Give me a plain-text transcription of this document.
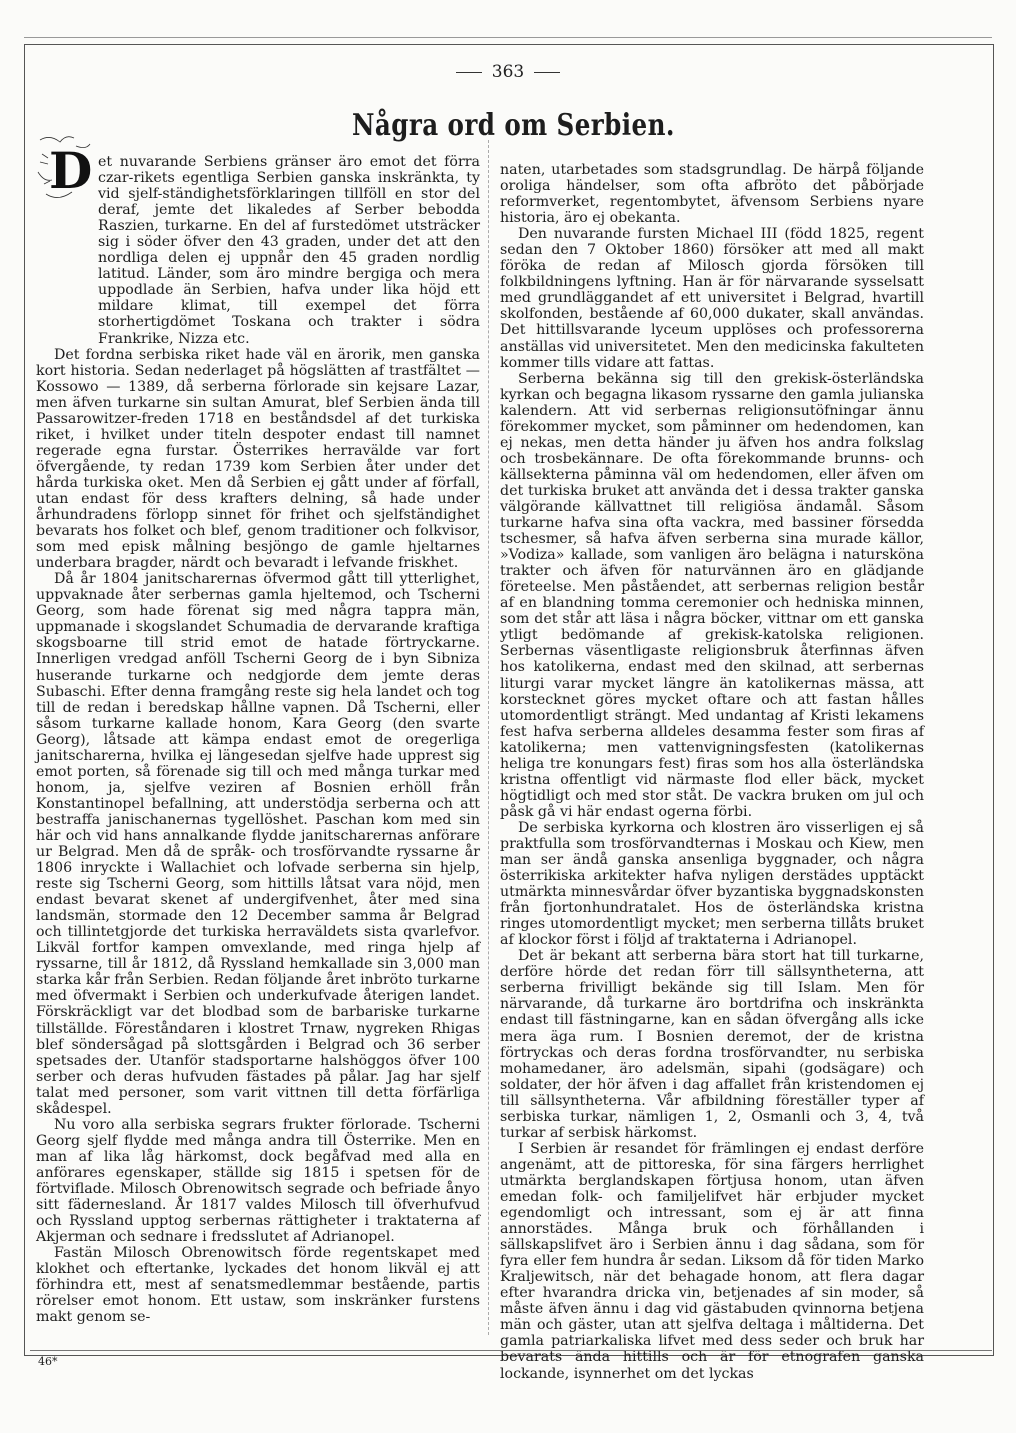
363
Några ord om Serbien.
D et nuvarande Serbiens gränser äro emot det förra czar-rikets egentliga Serbien ganska inskränkta, ty vid sjelf-ständighetsförklaringen tillföll en stor del deraf, jemte det likaledes af Serber bebodda Raszien, turkarne. En del af furstedömet utsträcker sig i söder öfver den 43 graden, under det att den nordliga delen ej uppnår den 45 graden nordlig latitud. Länder, som äro mindre bergiga och mera uppodlade än Serbien, hafva under lika höjd ett mildare klimat, till exempel det förra storhertigdömet Toskana och trakter i södra Frankrike, Nizza etc.

Det fordna serbiska riket hade väl en ärorik, men ganska kort historia. Sedan nederlaget på högslätten af trastfältet — Kossowo — 1389, då serberna förlorade sin kejsare Lazar, men äfven turkarne sin sultan Amurat, blef Serbien ända till Passarowitzer-freden 1718 en beståndsdel af det turkiska riket, i hvilket under titeln despoter endast till namnet regerade egna furstar. Österrikes herravälde var fort öfvergående, ty redan 1739 kom Serbien åter under det hårda turkiska oket. Men då Serbien ej gått under af förfall, utan endast för dess krafters delning, så hade under århundradens förlopp sinnet för frihet och sjelfständighet bevarats hos folket och blef, genom traditioner och folkvisor, som med episk målning besjöngo de gamle hjeltarnes underbara bragder, närdt och bevaradt i lefvande friskhet.

Då år 1804 janitscharernas öfvermod gått till ytterlighet, uppvaknade åter serbernas gamla hjeltemod, och Tscherni Georg, som hade förenat sig med några tappra män, uppmanade i skogslandet Schumadia de dervarande kraftiga skogsboarne till strid emot de hatade förtryckarne. Innerligen vredgad anföll Tscherni Georg de i byn Sibniza huserande turkarne och nedgjorde dem jemte deras Subaschi. Efter denna framgång reste sig hela landet och tog till de redan i beredskap hållne vapnen. Då Tscherni, eller såsom turkarne kallade honom, Kara Georg (den svarte Georg), låtsade att kämpa endast emot de oregerliga janitscharerna, hvilka ej längesedan sjelfve hade upprest sig emot porten, så förenade sig till och med många turkar med honom, ja, sjelfve veziren af Bosnien erhöll från Konstantinopel befallning, att understödja serberna och att bestraffa janischanernas tygellöshet. Paschan kom med sin här och vid hans annalkande flydde janitscharernas anförare ur Belgrad. Men då de språk- och trosförvandte ryssarne år 1806 inryckte i Wallachiet och lofvade serberna sin hjelp, reste sig Tscherni Georg, som hittills låtsat vara nöjd, men endast bevarat skenet af undergifvenhet, åter med sina landsmän, stormade den 12 December samma år Belgrad och tillintetgjorde det turkiska herraväldets sista qvarlefvor. Likväl fortfor kampen omvexlande, med ringa hjelp af ryssarne, till år 1812, då Ryssland hemkallade sin 3,000 man starka kår från Serbien. Redan följande året inbröto turkarne med öfvermakt i Serbien och underkufvade återigen landet. Förskräckligt var det blodbad som de barbariske turkarne tillställde. Föreståndaren i klostret Trnaw, nygreken Rhigas blef söndersågad på slottsgården i Belgrad och 36 serber spetsades der. Utanför stadsportarne halshöggos öfver 100 serber och deras hufvuden fästades på pålar. Jag har sjelf talat med personer, som varit vittnen till detta förfärliga skådespel.

Nu voro alla serbiska segrars frukter förlorade. Tscherni Georg sjelf flydde med många andra till Österrike. Men en man af lika låg härkomst, dock begåfvad med alla en anförares egenskaper, ställde sig 1815 i spetsen för de förtviflade. Milosch Obrenowitsch segrade och befriade ånyo sitt fädernesland. År 1817 valdes Milosch till öfverhufvud och Ryssland upptog serbernas rättigheter i traktaterna af Akjerman och sednare i fredsslutet af Adrianopel.

Fastän Milosch Obrenowitsch förde regentskapet med klokhet och eftertanke, lyckades det honom likväl ej att förhindra ett, mest af senatsmedlemmar bestående, partis rörelser emot honom. Ett ustaw, som inskränker furstens makt genom se-

naten, utarbetades som stadsgrundlag. De härpå följande oroliga händelser, som ofta afbröto det påbörjade reformverket, regentombytet, äfvensom Serbiens nyare historia, äro ej obekanta.

Den nuvarande fursten Michael III (född 1825, regent sedan den 7 Oktober 1860) försöker att med all makt föröka de redan af Milosch gjorda försöken till folkbildningens lyftning. Han är för närvarande sysselsatt med grundläggandet af ett universitet i Belgrad, hvartill skolfonden, bestående af 60,000 dukater, skall användas. Det hittillsvarande lyceum upplöses och professorerna anställas vid universitetet. Men den medicinska fakulteten kommer tills vidare att fattas.

Serberna bekänna sig till den grekisk-österländska kyrkan och begagna likasom ryssarne den gamla julianska kalendern. Att vid serbernas religionsutöfningar ännu förekommer mycket, som påminner om hedendomen, kan ej nekas, men detta händer ju äfven hos andra folkslag och trosbekännare. De ofta förekommande brunns- och källsekterna påminna väl om hedendomen, eller äfven om det turkiska bruket att använda det i dessa trakter ganska välgörande källvattnet till religiösa ändamål. Såsom turkarne hafva sina ofta vackra, med bassiner försedda tschesmer, så hafva äfven serberna sina murade källor, »Vodiza» kallade, som vanligen äro belägna i natursköna trakter och äfven för naturvännen äro en glädjande företeelse. Men påståendet, att serbernas religion består af en blandning tomma ceremonier och hedniska minnen, som det står att läsa i några böcker, vittnar om ett ganska ytligt bedömande af grekisk-katolska religionen. Serbernas väsentligaste religionsbruk återfinnas äfven hos katolikerna, endast med den skilnad, att serbernas liturgi varar mycket längre än katolikernas mässa, att korstecknet göres mycket oftare och att fastan hålles utomordentligt strängt. Med undantag af Kristi lekamens fest hafva serberna alldeles desamma fester som firas af katolikerna; men vattenvigningsfesten (katolikernas heliga tre konungars fest) firas som hos alla österländska kristna offentligt vid närmaste flod eller bäck, mycket högtidligt och med stor ståt. De vackra bruken om jul och påsk gå vi här endast ogerna förbi.

De serbiska kyrkorna och klostren äro visserligen ej så praktfulla som trosförvandternas i Moskau och Kiew, men man ser ändå ganska ansenliga byggnader, och några österrikiska arkitekter hafva nyligen derstädes upptäckt utmärkta minnesvårdar öfver byzantiska byggnadskonsten från fjortonhundratalet. Hos de österländska kristna ringes utomordentligt mycket; men serberna tillåts bruket af klockor först i följd af traktaterna i Adrianopel.

Det är bekant att serberna bära stort hat till turkarne, derföre hörde det redan förr till sällsyntheterna, att serberna frivilligt bekände sig till Islam. Men för närvarande, då turkarne äro bortdrifna och inskränkta endast till fästningarne, kan en sådan öfvergång alls icke mera äga rum. I Bosnien deremot, der de kristna förtryckas och deras fordna trosförvandter, nu serbiska mohamedaner, äro adelsmän, sipahi (godsägare) och soldater, der hör äfven i dag affallet från kristendomen ej till sällsyntheterna. Vår afbildning föreställer typer af serbiska turkar, nämligen 1, 2, Osmanli och 3, 4, två turkar af serbisk härkomst.

I Serbien är resandet för främlingen ej endast derföre angenämt, att de pittoreska, för sina färgers herrlighet utmärkta berglandskapen förtjusa honom, utan äfven emedan folk- och familjelifvet här erbjuder mycket egendomligt och intressant, som ej är att finna annorstädes. Många bruk och förhållanden i sällskapslifvet äro i Serbien ännu i dag sådana, som för fyra eller fem hundra år sedan. Liksom då för tiden Marko Kraljewitsch, när det behagade honom, att flera dagar efter hvarandra dricka vin, betjenades af sin moder, så måste äfven ännu i dag vid gästabuden qvinnorna betjena män och gäster, utan att sjelfva deltaga i måltiderna. Det gamla patriarkaliska lifvet med dess seder och bruk har bevarats ända hittills och är för etnografen ganska lockande, isynnerhet om det lyckas

46*
